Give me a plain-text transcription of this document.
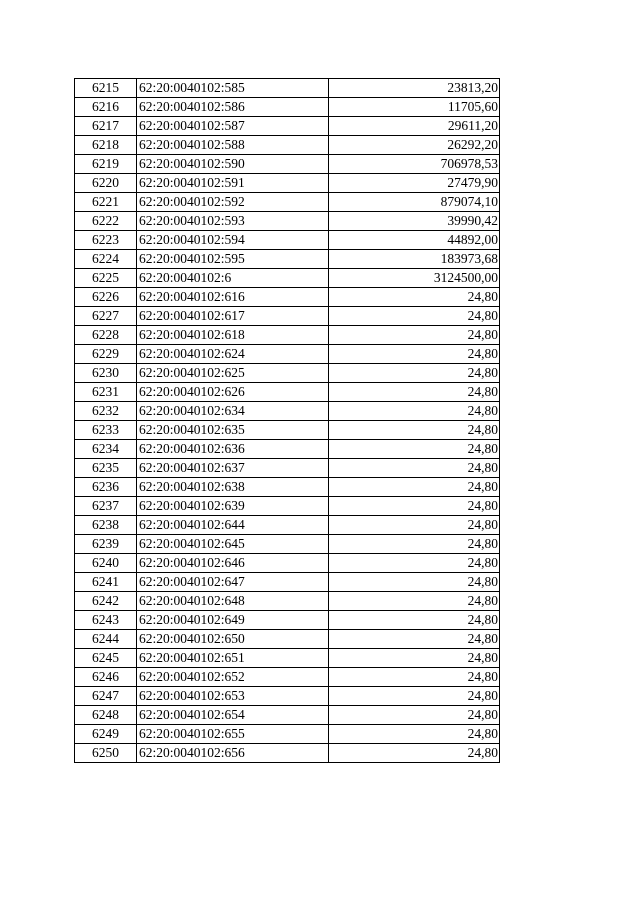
6215	62:20:0040102:585	23813,20
6216	62:20:0040102:586	11705,60
6217	62:20:0040102:587	29611,20
6218	62:20:0040102:588	26292,20
6219	62:20:0040102:590	706978,53
6220	62:20:0040102:591	27479,90
6221	62:20:0040102:592	879074,10
6222	62:20:0040102:593	39990,42
6223	62:20:0040102:594	44892,00
6224	62:20:0040102:595	183973,68
6225	62:20:0040102:6	3124500,00
6226	62:20:0040102:616	24,80
6227	62:20:0040102:617	24,80
6228	62:20:0040102:618	24,80
6229	62:20:0040102:624	24,80
6230	62:20:0040102:625	24,80
6231	62:20:0040102:626	24,80
6232	62:20:0040102:634	24,80
6233	62:20:0040102:635	24,80
6234	62:20:0040102:636	24,80
6235	62:20:0040102:637	24,80
6236	62:20:0040102:638	24,80
6237	62:20:0040102:639	24,80
6238	62:20:0040102:644	24,80
6239	62:20:0040102:645	24,80
6240	62:20:0040102:646	24,80
6241	62:20:0040102:647	24,80
6242	62:20:0040102:648	24,80
6243	62:20:0040102:649	24,80
6244	62:20:0040102:650	24,80
6245	62:20:0040102:651	24,80
6246	62:20:0040102:652	24,80
6247	62:20:0040102:653	24,80
6248	62:20:0040102:654	24,80
6249	62:20:0040102:655	24,80
6250	62:20:0040102:656	24,80
